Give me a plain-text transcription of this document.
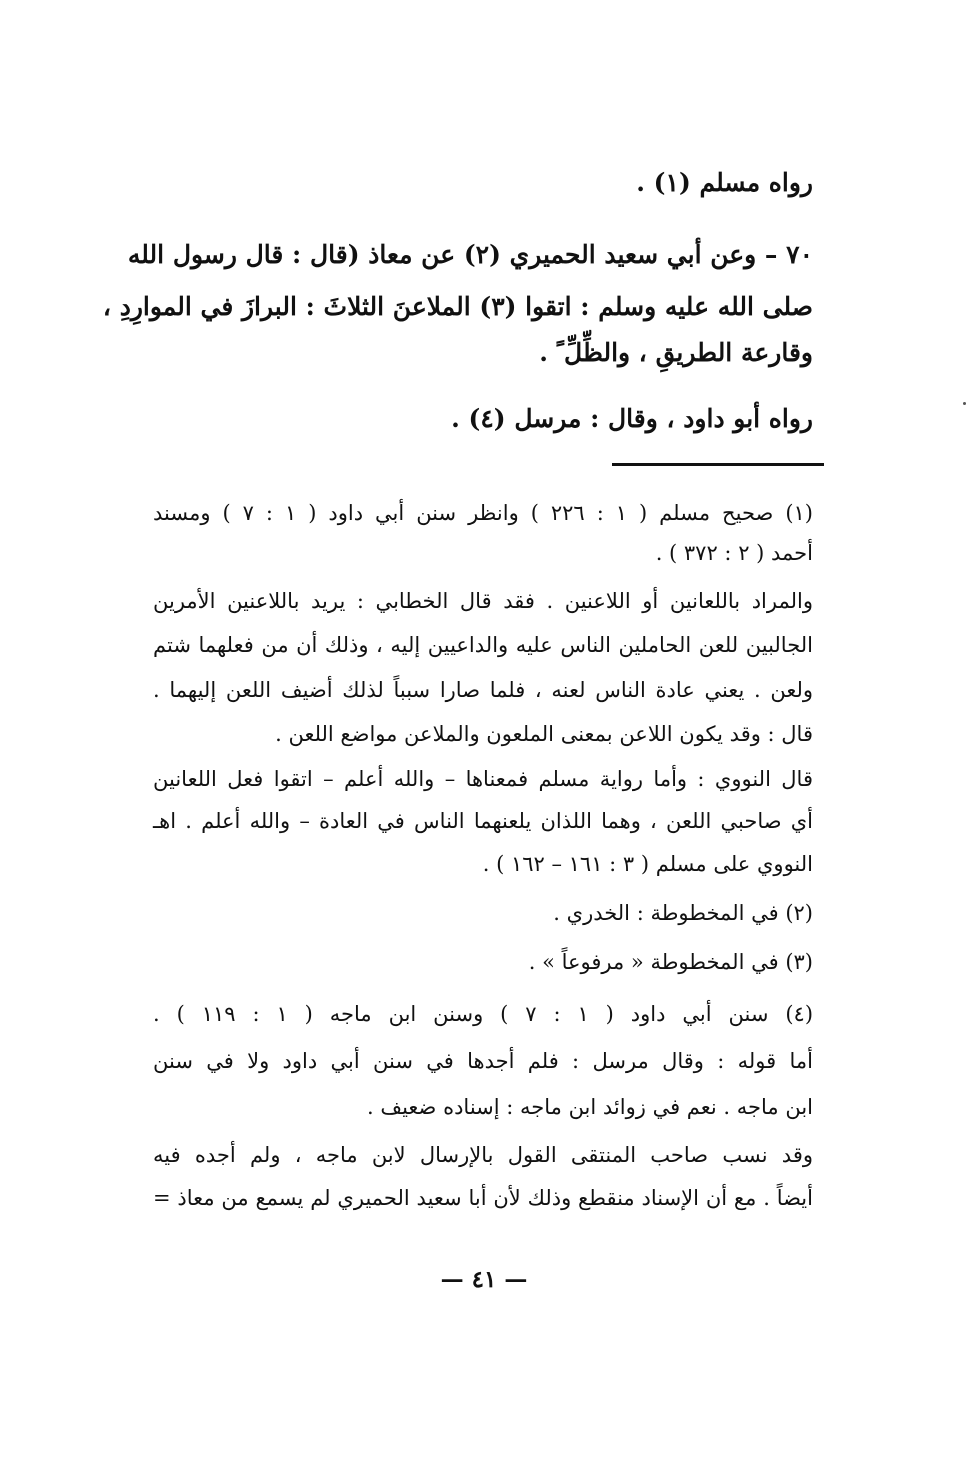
رواه مسلم (١) .
٧٠ – وعن أبي سعيد الحميري (٢) عن معاذ (قال : قال رسول الله
صلى الله عليه وسلم : اتقوا (٣) الملاعنَ الثلاثَ : البرازَ في الموارِدِ ،
وقارعة الطريقِ ، والظِّلِّ ً .
رواه أبو داود ، وقال : مرسل (٤) .
(١) صحيح مسلم ( ١ : ٢٢٦ ) وانظر سنن أبي داود ( ١ : ٧ ) ومسند
أحمد ( ٢ : ٣٧٢ ) .
والمراد باللعانين أو اللاعنين . فقد قال الخطابي : يريد باللاعنين الأمرين
الجالبين للعن الحاملين الناس عليه والداعيين إليه ، وذلك أن من فعلهما شتم
ولعن . يعني عادة الناس لعنه ، فلما صارا سبباً لذلك أضيف اللعن إليهما .
قال : وقد يكون اللاعن بمعنى الملعون والملاعن مواضع اللعن .
قال النووي : وأما رواية مسلم فمعناها – والله أعلم – اتقوا فعل اللعانين
أي صاحبي اللعن ، وهما اللذان يلعنهما الناس في العادة – والله أعلم . اهـ
النووي على مسلم ( ٣ : ١٦١ – ١٦٢ ) .
(٢) في المخطوطة : الخدري .
(٣) في المخطوطة « مرفوعاً » .
(٤) سنن أبي داود ( ١ : ٧ ) وسنن ابن ماجه ( ١ : ١١٩ ) .
أما قوله : وقال مرسل : فلم أجدها في سنن أبي داود ولا في سنن
ابن ماجه . نعم في زوائد ابن ماجه : إسناده ضعيف .
وقد نسب صاحب المنتقى القول بالإرسال لابن ماجه ، ولم أجده فيه
أيضاً . مع أن الإسناد منقطع وذلك لأن أبا سعيد الحميري لم يسمع من معاذ =
— ٤١ —
